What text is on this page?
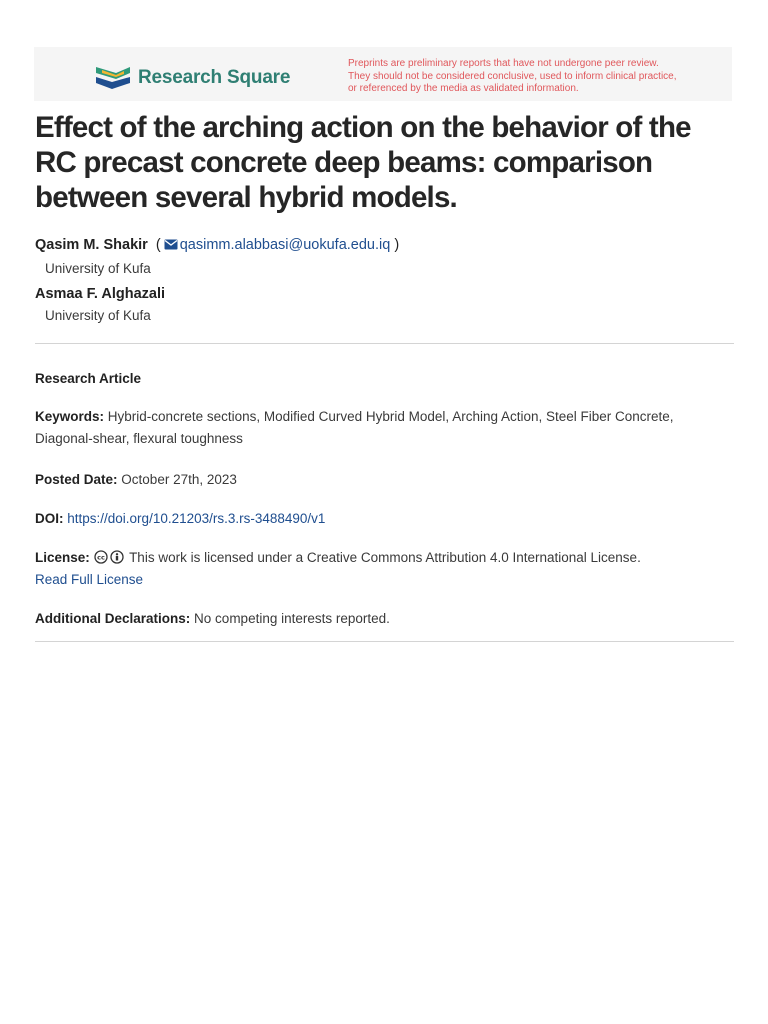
Research Square
Preprints are preliminary reports that have not undergone peer review.
They should not be considered conclusive, used to inform clinical practice,
or referenced by the media as validated information.
Effect of the arching action on the behavior of the RC precast concrete deep beams: comparison between several hybrid models.
Qasim M. Shakir  ( qasimm.alabbasi@uokufa.edu.iq )
University of Kufa
Asmaa F. Alghazali
University of Kufa
Research Article
Keywords: Hybrid-concrete sections, Modified Curved Hybrid Model, Arching Action, Steel Fiber Concrete, Diagonal-shear, flexural toughness
Posted Date: October 27th, 2023
DOI: https://doi.org/10.21203/rs.3.rs-3488490/v1
License: cc This work is licensed under a Creative Commons Attribution 4.0 International License.
Read Full License
Additional Declarations: No competing interests reported.
